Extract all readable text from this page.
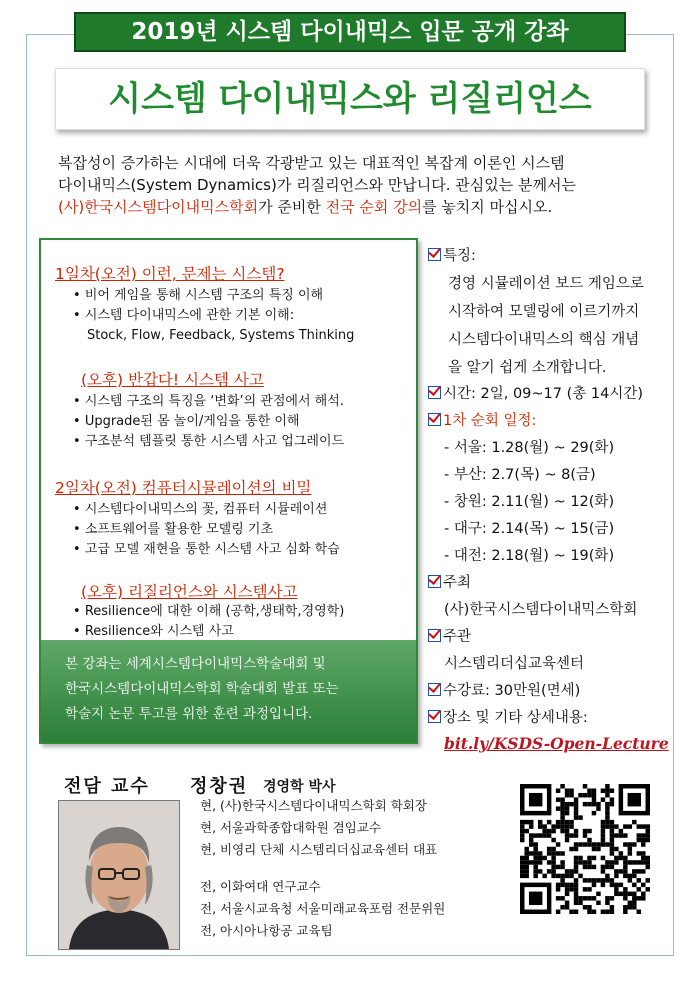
2019년 시스템 다이내믹스 입문 공개 강좌
시스템 다이내믹스와 리질리언스
복잡성이 증가하는 시대에 더욱 각광받고 있는 대표적인 복잡계 이론인 시스템
다이내믹스(System Dynamics)가 리질리언스와 만납니다. 관심있는 분께서는
(사)한국시스템다이내믹스학회가 준비한 전국 순회 강의를 놓치지 마십시오.
1일차(오전) 이런, 문제는 시스템?
• 비어 게임을 통해 시스템 구조의 특징 이해
• 시스템 다이내믹스에 관한 기본 이해:
Stock, Flow, Feedback, Systems Thinking
(오후) 반갑다! 시스템 사고
• 시스템 구조의 특징을 ‘변화’의 관점에서 해석.
• Upgrade된 몸 놀이/게임을 통한 이해
• 구조분석 템플릿 통한 시스템 사고 업그레이드
2일차(오전) 컴퓨터시뮬레이션의 비밀
• 시스템다이내믹스의 꽃, 컴퓨터 시뮬레이션
• 소프트웨어를 활용한 모델링 기초
• 고급 모델 재현을 통한 시스템 사고 심화 학습
(오후) 리질리언스와 시스템사고
• Resilience에 대한 이해 (공학,생태학,경영학)
• Resilience와 시스템 사고
본 강좌는 세계시스템다이내믹스학술대회 및
한국시스템다이내믹스학회 학술대회 발표 또는
학술지 논문 투고를 위한 훈련 과정입니다.
특징:
경영 시뮬레이션 보드 게임으로
시작하여 모델링에 이르기까지
시스템다이내믹스의 핵심 개념
을 알기 쉽게 소개합니다.
시간: 2일, 09~17 (총 14시간)
1차 순회 일정:
- 서울: 1.28(월) ~ 29(화)
- 부산: 2.7(목) ~ 8(금)
- 창원: 2.11(월) ~ 12(화)
- 대구: 2.14(목) ~ 15(금)
- 대전: 2.18(월) ~ 19(화)
주최
(사)한국시스템다이내믹스학회
주관
시스템리더십교육센터
수강료: 30만원(면세)
장소 및 기타 상세내용:
bit.ly/KSDS-Open-Lecture
전담 교수 정창권 경영학 박사
현, (사)한국시스템다이내믹스학회 학회장
현, 서울과학종합대학원 겸임교수
현, 비영리 단체 시스템리더십교육센터 대표
전, 이화여대 연구교수
전, 서울시교육청 서울미래교육포럼 전문위원
전, 아시아나항공 교육팀
